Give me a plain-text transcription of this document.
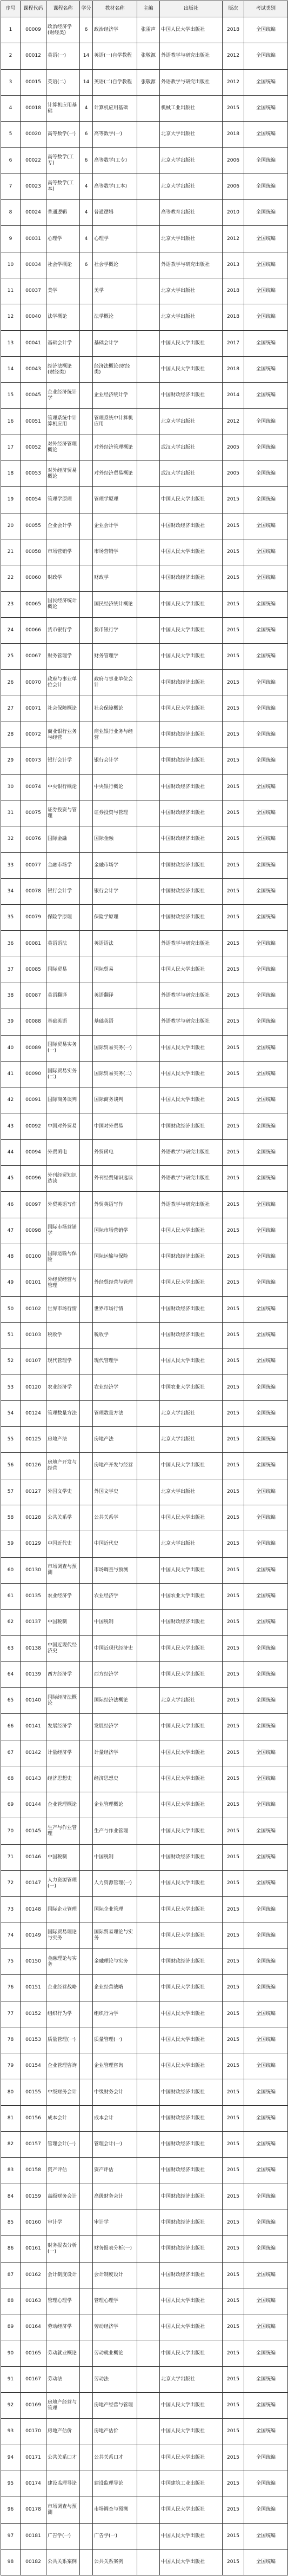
序号	课程代码	课程名称	学分	教材名称	主编	出版社	版次	考试类别
1	00009	政治经济学(财经类)	6	政治经济学	张雷声	中国人民大学出版社	2018	全国统编
2	00012	英语(一)	14	英语(一)自学教程	张敬源	外语教学与研究出版社	2012	全国统编
3	00015	英语(二)	14	英语(二)自学教程	张敬源	外语教学与研究出版社	2012	全国统编
4	00018	计算机应用基础	4	计算机应用基础		机械工业出版社	2015	全国统编
5	00020	高等数学(一)	6	高等数学(一)		北京大学出版社	2018	全国统编
6	00022	高等数学(工专)	6	高等数学(工专)		北京大学出版社	2006	全国统编
7	00023	高等数学(工本)	4	高等数学(工本)		北京大学出版社	2006	全国统编
8	00024	普通逻辑	4	普通逻辑		高等教育出版社	2010	全国统编
9	00031	心理学	4	心理学		北京大学出版社	2012	全国统编
10	00034	社会学概论	6	社会学概论		外语教学与研究出版社	2013	全国统编
11	00037	美学		美学		北京大学出版社	2018	全国统编
12	00040	法学概论		法学概论		北京大学出版社	2018	全国统编
13	00041	基础会计学		基础会计学		中国人民大学出版社	2017	全国统编
14	00043	经济法概论(财经类)		经济法概论(财经类)		中国人民大学出版社	2018	全国统编
15	00045	企业经济统计学		企业经济统计学		中国财政经济出版社	2014	全国统编
16	00051	管理系统中计算机应用		管理系统中计算机应用		北京大学出版社	2012	全国统编
17	00052	对外经济管理概论		对外经济管理概论		武汉大学出版社	2005	全国统编
18	00053	对外经济贸易概论		对外经济贸易概论		武汉大学出版社	2005	全国统编
19	00054	管理学原理		管理学原理		中国人民大学出版社	2015	全国统编
20	00055	企业会计学		企业会计学		中国财政经济出版社	2015	全国统编
21	00058	市场营销学		市场营销学		中国人民大学出版社	2015	全国统编
22	00060	财政学		财政学		中国财政经济出版社	2015	全国统编
23	00065	国民经济统计概论		国民经济统计概论		中国人民大学出版社	2015	全国统编
24	00066	货币银行学		货币银行学		中国人民大学出版社	2015	全国统编
25	00067	财务管理学		财务管理学		中国人民大学出版社	2015	全国统编
26	00070	政府与事业单位会计		政府与事业单位会计		中国财政经济出版社	2015	全国统编
27	00071	社会保障概论		社会保障概论		中国人民大学出版社	2015	全国统编
28	00072	商业银行业务与经营		商业银行业务与经营		中国财政经济出版社	2015	全国统编
29	00073	银行会计学		银行会计学		中国财政经济出版社	2015	全国统编
30	00074	中央银行概论		中央银行概论		中国财政经济出版社	2015	全国统编
31	00075	证券投资与管理		证券投资与管理		中国财政经济出版社	2015	全国统编
32	00076	国际金融		国际金融		中国财政经济出版社	2015	全国统编
33	00077	金融市场学		金融市场学		中国财政经济出版社	2015	全国统编
34	00078	银行会计学		银行会计学		中国财政经济出版社	2015	全国统编
35	00079	保险学原理		保险学原理		中国财政经济出版社	2015	全国统编
36	00081	英语语法		英语语法		外语教学与研究出版社	2015	全国统编
37	00085	国际贸易		国际贸易		中国人民大学出版社	2015	全国统编
38	00087	英语翻译		英语翻译		外语教学与研究出版社	2015	全国统编
39	00088	基础英语		基础英语		外语教学与研究出版社	2015	全国统编
40	00089	国际贸易实务(一)		国际贸易实务(一)		中国人民大学出版社	2015	全国统编
41	00090	国际贸易实务(二)		国际贸易实务(二)		中国人民大学出版社	2015	全国统编
42	00091	国际商务谈判		国际商务谈判		中国人民大学出版社	2015	全国统编
43	00092	中国对外贸易		中国对外贸易		中国财政经济出版社	2015	全国统编
44	00094	外贸函电		外贸函电		外语教学与研究出版社	2015	全国统编
45	00096	外刊经贸知识选读		外刊经贸知识选读		外语教学与研究出版社	2015	全国统编
46	00097	外贸英语写作		外贸英语写作		外语教学与研究出版社	2015	全国统编
47	00098	国际市场营销学		国际市场营销学		中国人民大学出版社	2015	全国统编
48	00100	国际运输与保险		国际运输与保险		中国财政经济出版社	2015	全国统编
49	00101	外经贸经营与管理		外经贸经营与管理		中国人民大学出版社	2015	全国统编
50	00102	世界市场行情		世界市场行情		中国财政经济出版社	2015	全国统编
51	00103	税收学		税收学		中国财政经济出版社	2015	全国统编
52	00107	现代管理学		现代管理学		中国人民大学出版社	2015	全国统编
53	00120	农业经济学		农业经济学		中国农业大学出版社	2015	全国统编
54	00124	管理数量方法		管理数量方法		北京大学出版社	2015	全国统编
55	00125	房地产法		房地产法		北京大学出版社	2015	全国统编
56	00126	房地产开发与经营		房地产开发与经营		中国人民大学出版社	2015	全国统编
57	00127	外国文学史		外国文学史		北京大学出版社	2015	全国统编
58	00128	公共关系学		公共关系学		中国人民大学出版社	2015	全国统编
59	00129	中国近代史		中国近代史		北京大学出版社	2015	全国统编
60	00130	市场调查与预测		市场调查与预测		中国人民大学出版社	2015	全国统编
61	00135	农业经济学		农业经济学		中国农业大学出版社	2015	全国统编
62	00137	中国税制		中国税制		中国财政经济出版社	2015	全国统编
63	00138	中国近现代经济史		中国近现代经济史		中国人民大学出版社	2015	全国统编
64	00139	西方经济学		西方经济学		中国人民大学出版社	2015	全国统编
65	00140	国际经济法概论		国际经济法概论		北京大学出版社	2015	全国统编
66	00141	发展经济学		发展经济学		中国人民大学出版社	2015	全国统编
67	00142	计量经济学		计量经济学		中国人民大学出版社	2015	全国统编
68	00143	经济思想史		经济思想史		中国人民大学出版社	2015	全国统编
69	00144	企业管理概论		企业管理概论		中国人民大学出版社	2015	全国统编
70	00145	生产与作业管理		生产与作业管理		中国人民大学出版社	2015	全国统编
71	00146	中国税制		中国税制		中国财政经济出版社	2015	全国统编
72	00147	人力资源管理(一)		人力资源管理(一)		中国人民大学出版社	2015	全国统编
73	00148	国际企业管理		国际企业管理		中国人民大学出版社	2015	全国统编
74	00149	国际贸易理论与实务		国际贸易理论与实务		中国人民大学出版社	2015	全国统编
75	00150	金融理论与实务		金融理论与实务		中国财政经济出版社	2015	全国统编
76	00151	企业经营战略		企业经营战略		中国人民大学出版社	2015	全国统编
77	00152	组织行为学		组织行为学		中国人民大学出版社	2015	全国统编
78	00153	质量管理(一)		质量管理(一)		中国人民大学出版社	2015	全国统编
79	00154	企业管理咨询		企业管理咨询		中国人民大学出版社	2015	全国统编
80	00155	中级财务会计		中级财务会计		中国财政经济出版社	2015	全国统编
81	00156	成本会计		成本会计		中国财政经济出版社	2015	全国统编
82	00157	管理会计(一)		管理会计(一)		中国财政经济出版社	2015	全国统编
83	00158	资产评估		资产评估		中国财政经济出版社	2015	全国统编
84	00159	高级财务会计		高级财务会计		中国财政经济出版社	2015	全国统编
85	00160	审计学		审计学		中国财政经济出版社	2015	全国统编
86	00161	财务报表分析(一)		财务报表分析(一)		中国财政经济出版社	2015	全国统编
87	00162	会计制度设计		会计制度设计		中国财政经济出版社	2015	全国统编
88	00163	管理心理学		管理心理学		中国人民大学出版社	2015	全国统编
89	00164	劳动经济学		劳动经济学		中国人民大学出版社	2015	全国统编
90	00165	劳动就业概论		劳动就业概论		中国人民大学出版社	2015	全国统编
91	00167	劳动法		劳动法		北京大学出版社	2015	全国统编
92	00169	房地产经营与管理		房地产经营与管理		中国人民大学出版社	2015	全国统编
93	00170	房地产估价		房地产估价		中国人民大学出版社	2015	全国统编
94	00171	公共关系口才		公共关系口才		中国人民大学出版社	2015	全国统编
95	00174	建设监理导论		建设监理导论		中国建筑工业出版社	2015	全国统编
96	00178	市场调查与预测		市场调查与预测		中国人民大学出版社	2015	全国统编
97	00181	广告学(一)		广告学(一)		中国人民大学出版社	2015	全国统编
98	00182	公共关系案例		公共关系案例		中国人民大学出版社	2015	全国统编
